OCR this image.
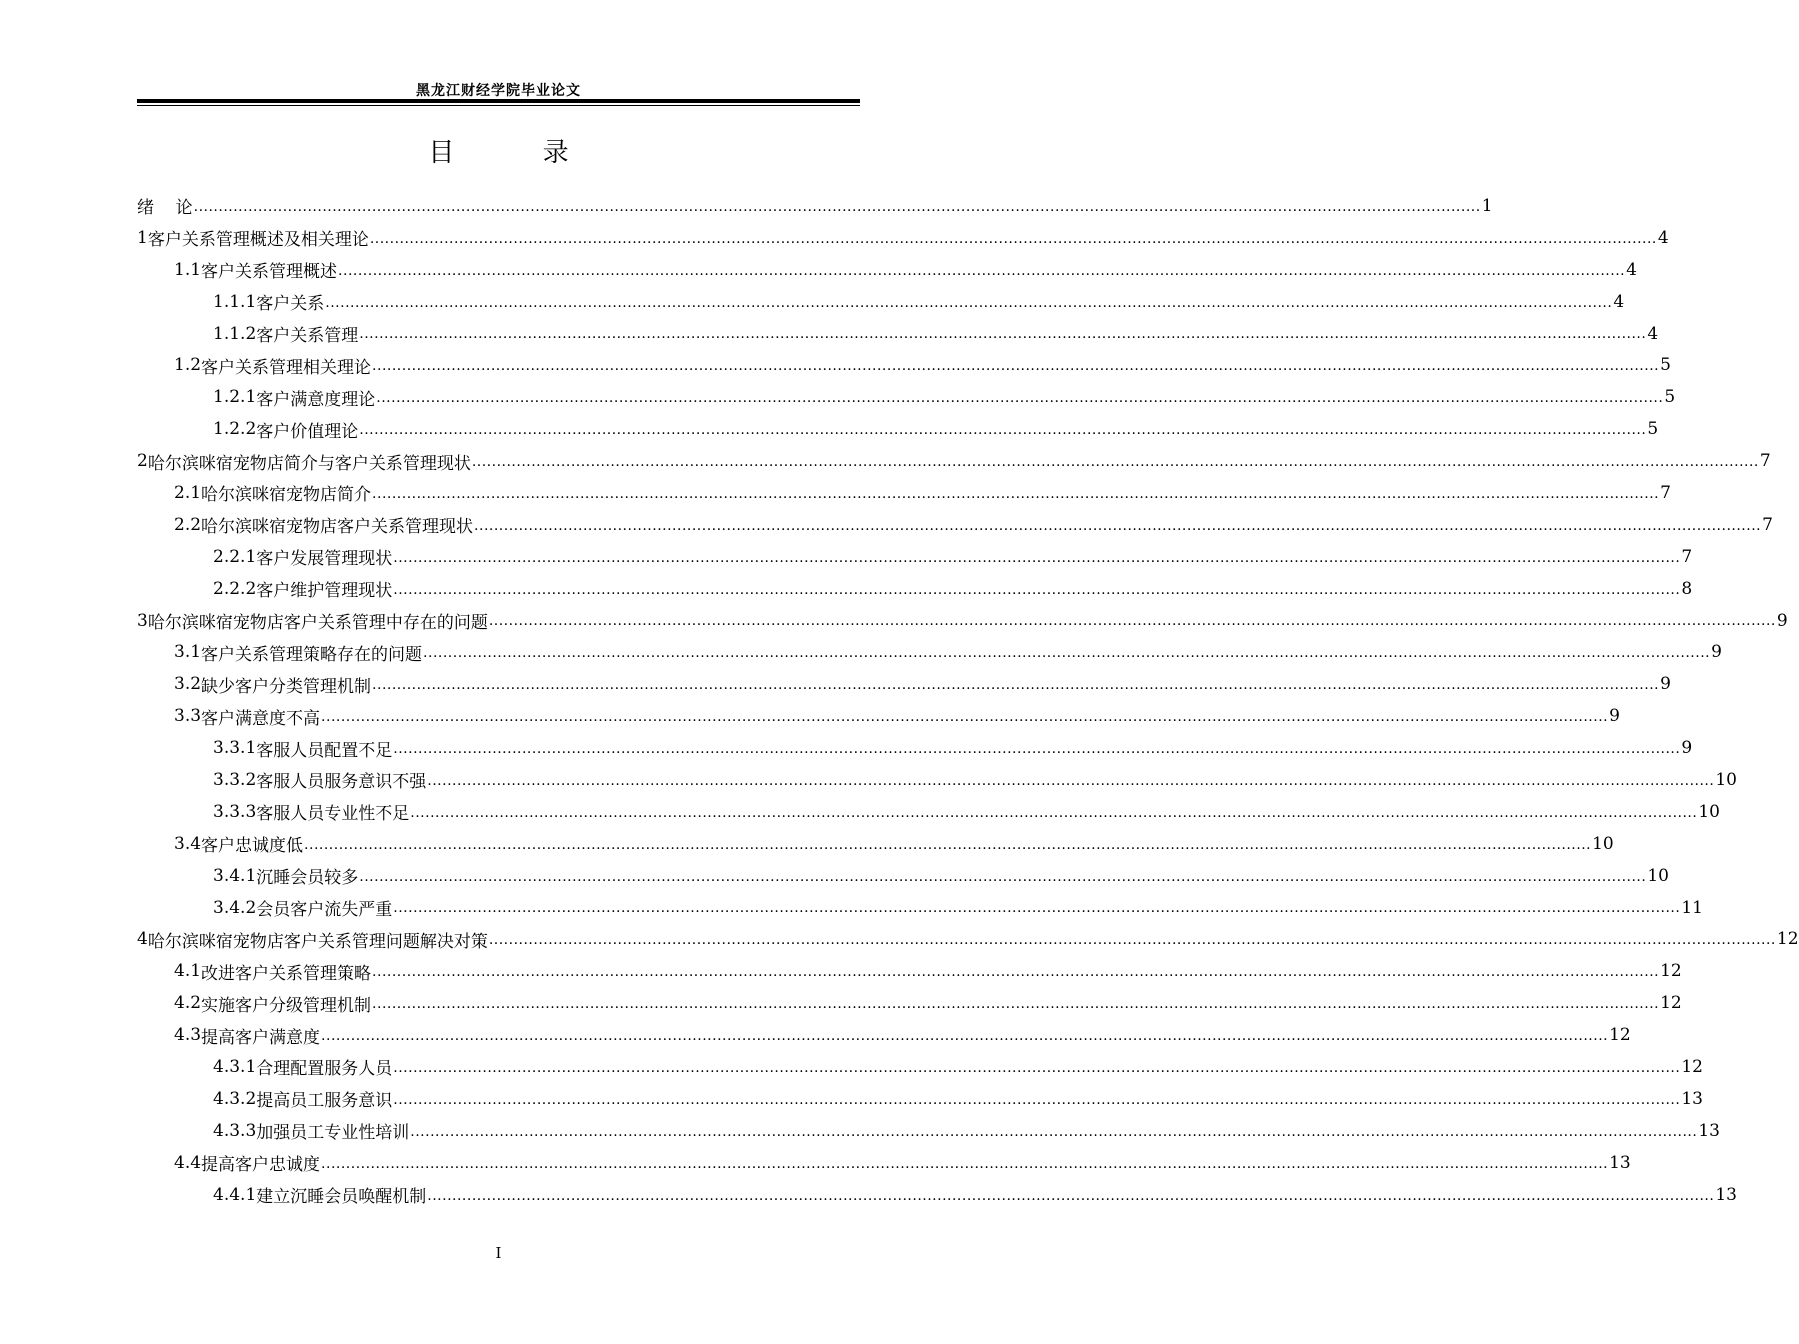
黑龙江财经学院毕业论文
目 录
绪    论 .................................................................................................................................................................................................................................................................... 1
1 客户关系管理概述及相关理论 .................................................................................................................................................................................................................................................................... 4
1.1 客户关系管理概述 .................................................................................................................................................................................................................................................................... 4
1.1.1 客户关系 .................................................................................................................................................................................................................................................................... 4
1.1.2 客户关系管理 .................................................................................................................................................................................................................................................................... 4
1.2 客户关系管理相关理论 .................................................................................................................................................................................................................................................................... 5
1.2.1 客户满意度理论 .................................................................................................................................................................................................................................................................... 5
1.2.2 客户价值理论 .................................................................................................................................................................................................................................................................... 5
2 哈尔滨咪宿宠物店简介与客户关系管理现状 .................................................................................................................................................................................................................................................................... 7
2.1 哈尔滨咪宿宠物店简介 .................................................................................................................................................................................................................................................................... 7
2.2 哈尔滨咪宿宠物店客户关系管理现状 .................................................................................................................................................................................................................................................................... 7
2.2.1 客户发展管理现状 .................................................................................................................................................................................................................................................................... 7
2.2.2 客户维护管理现状 .................................................................................................................................................................................................................................................................... 8
3 哈尔滨咪宿宠物店客户关系管理中存在的问题 .................................................................................................................................................................................................................................................................... 9
3.1 客户关系管理策略存在的问题 .................................................................................................................................................................................................................................................................... 9
3.2 缺少客户分类管理机制 .................................................................................................................................................................................................................................................................... 9
3.3 客户满意度不高 .................................................................................................................................................................................................................................................................... 9
3.3.1 客服人员配置不足 .................................................................................................................................................................................................................................................................... 9
3.3.2 客服人员服务意识不强 .................................................................................................................................................................................................................................................................... 10
3.3.3 客服人员专业性不足 .................................................................................................................................................................................................................................................................... 10
3.4 客户忠诚度低 .................................................................................................................................................................................................................................................................... 10
3.4.1 沉睡会员较多 .................................................................................................................................................................................................................................................................... 10
3.4.2 会员客户流失严重 .................................................................................................................................................................................................................................................................... 11
4 哈尔滨咪宿宠物店客户关系管理问题解决对策 .................................................................................................................................................................................................................................................................... 12
4.1 改进客户关系管理策略 .................................................................................................................................................................................................................................................................... 12
4.2 实施客户分级管理机制 .................................................................................................................................................................................................................................................................... 12
4.3 提高客户满意度 .................................................................................................................................................................................................................................................................... 12
4.3.1 合理配置服务人员 .................................................................................................................................................................................................................................................................... 12
4.3.2 提高员工服务意识 .................................................................................................................................................................................................................................................................... 13
4.3.3 加强员工专业性培训 .................................................................................................................................................................................................................................................................... 13
4.4 提高客户忠诚度 .................................................................................................................................................................................................................................................................... 13
4.4.1 建立沉睡会员唤醒机制 .................................................................................................................................................................................................................................................................... 13
I
